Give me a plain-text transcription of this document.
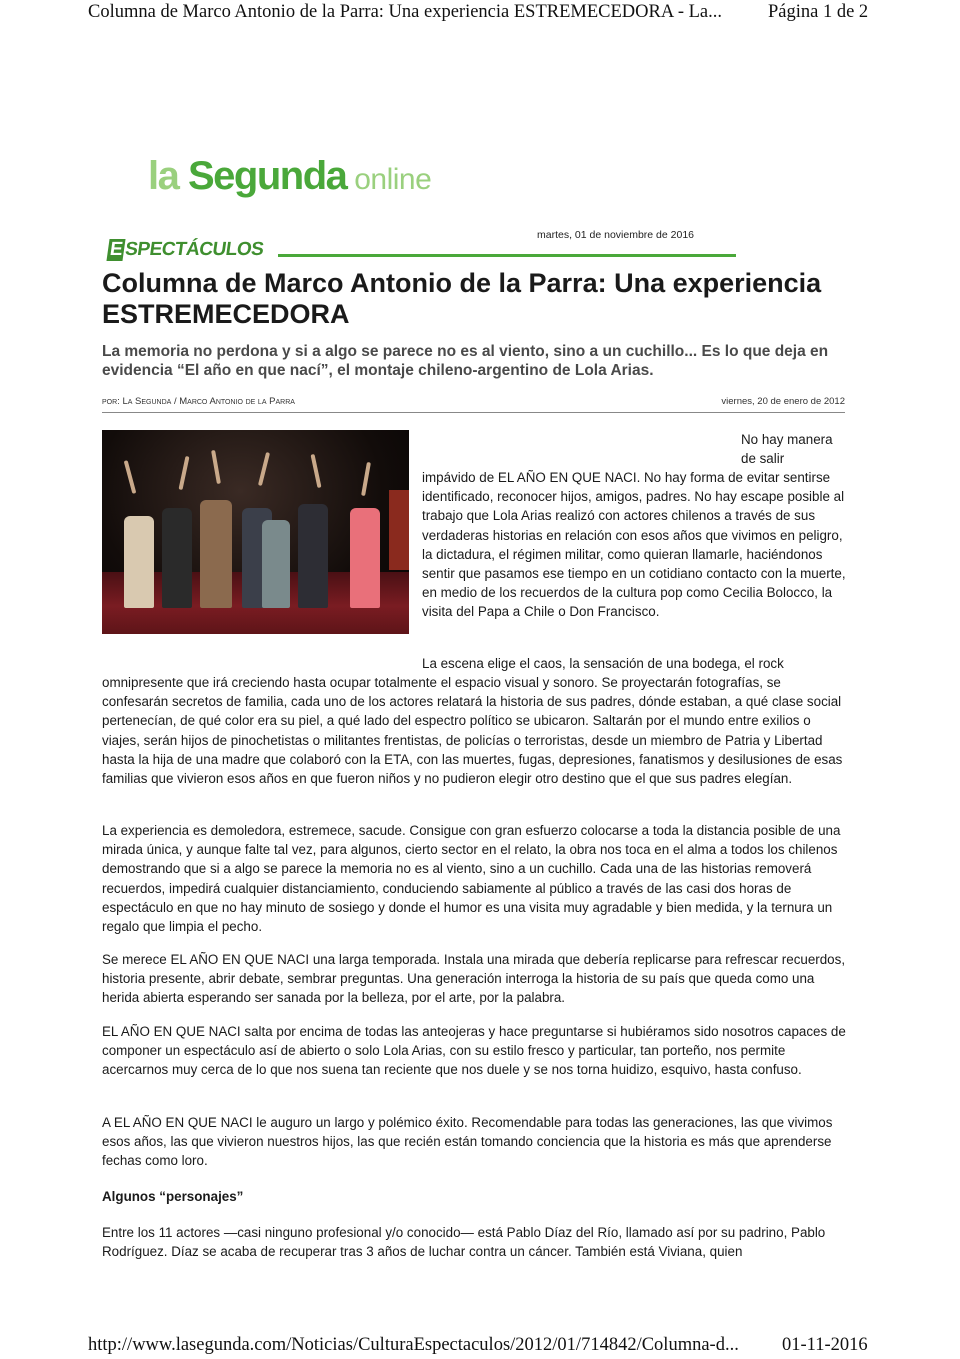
Columna de Marco Antonio de la Parra: Una experiencia ESTREMECEDORA - La... Página 1 de 2
la Segunda online
martes, 01 de noviembre de 2016
ESPECTÁCULOS
Columna de Marco Antonio de la Parra: Una experiencia ESTREMECEDORA
La memoria no perdona y si a algo se parece no es al viento, sino a un cuchillo... Es lo que deja en evidencia “El año en que nací”, el montaje chileno-argentino de Lola Arias.
por: La Segunda / Marco Antonio de la Parra	viernes, 20 de enero de 2012
No hay manera de salir
impávido de EL AÑO EN QUE NACI. No hay forma de evitar sentirse identificado, reconocer hijos, amigos, padres. No hay escape posible al trabajo que Lola Arias realizó con actores chilenos a través de sus verdaderas historias en relación con esos años que vivimos en peligro, la dictadura, el régimen militar, como quieran llamarle, haciéndonos sentir que pasamos ese tiempo en un cotidiano contacto con la muerte, en medio de los recuerdos de la cultura pop como Cecilia Bolocco, la visita del Papa a Chile o Don Francisco.
La escena elige el caos, la sensación de una bodega, el rock
omnipresente que irá creciendo hasta ocupar totalmente el espacio visual y sonoro. Se proyectarán fotografías, se confesarán secretos de familia, cada uno de los actores relatará la historia de sus padres, dónde estaban, a qué clase social pertenecían, de qué color era su piel, a qué lado del espectro político se ubicaron. Saltarán por el mundo entre exilios o viajes, serán hijos de pinochetistas o militantes frentistas, de policías o terroristas, desde un miembro de Patria y Libertad hasta la hija de una madre que colaboró con la ETA, con las muertes, fugas, depresiones, fanatismos y desilusiones de esas familias que vivieron esos años en que fueron niños y no pudieron elegir otro destino que el que sus padres elegían.
La experiencia es demoledora, estremece, sacude. Consigue con gran esfuerzo colocarse a toda la distancia posible de una mirada única, y aunque falte tal vez, para algunos, cierto sector en el relato, la obra nos toca en el alma a todos los chilenos demostrando que si a algo se parece la memoria no es al viento, sino a un cuchillo. Cada una de las historias removerá recuerdos, impedirá cualquier distanciamiento, conduciendo sabiamente al público a través de las casi dos horas de espectáculo en que no hay minuto de sosiego y donde el humor es una visita muy agradable y bien medida, y la ternura un regalo que limpia el pecho.
Se merece EL AÑO EN QUE NACI una larga temporada. Instala una mirada que debería replicarse para refrescar recuerdos, historia presente, abrir debate, sembrar preguntas. Una generación interroga la historia de su país que queda como una herida abierta esperando ser sanada por la belleza, por el arte, por la palabra.
EL AÑO EN QUE NACI salta por encima de todas las anteojeras y hace preguntarse si hubiéramos sido nosotros capaces de componer un espectáculo así de abierto o solo Lola Arias, con su estilo fresco y particular, tan porteño, nos permite acercarnos muy cerca de lo que nos suena tan reciente que nos duele y se nos torna huidizo, esquivo, hasta confuso.
A EL AÑO EN QUE NACI le auguro un largo y polémico éxito. Recomendable para todas las generaciones, las que vivimos esos años, las que vivieron nuestros hijos, las que recién están tomando conciencia que la historia es más que aprenderse fechas como loro.
Algunos “personajes”
Entre los 11 actores —casi ninguno profesional y/o conocido— está Pablo Díaz del Río, llamado así por su padrino, Pablo Rodríguez. Díaz se acaba de recuperar tras 3 años de luchar contra un cáncer. También está Viviana, quien
http://www.lasegunda.com/Noticias/CulturaEspectaculos/2012/01/714842/Columna-d... 01-11-2016
